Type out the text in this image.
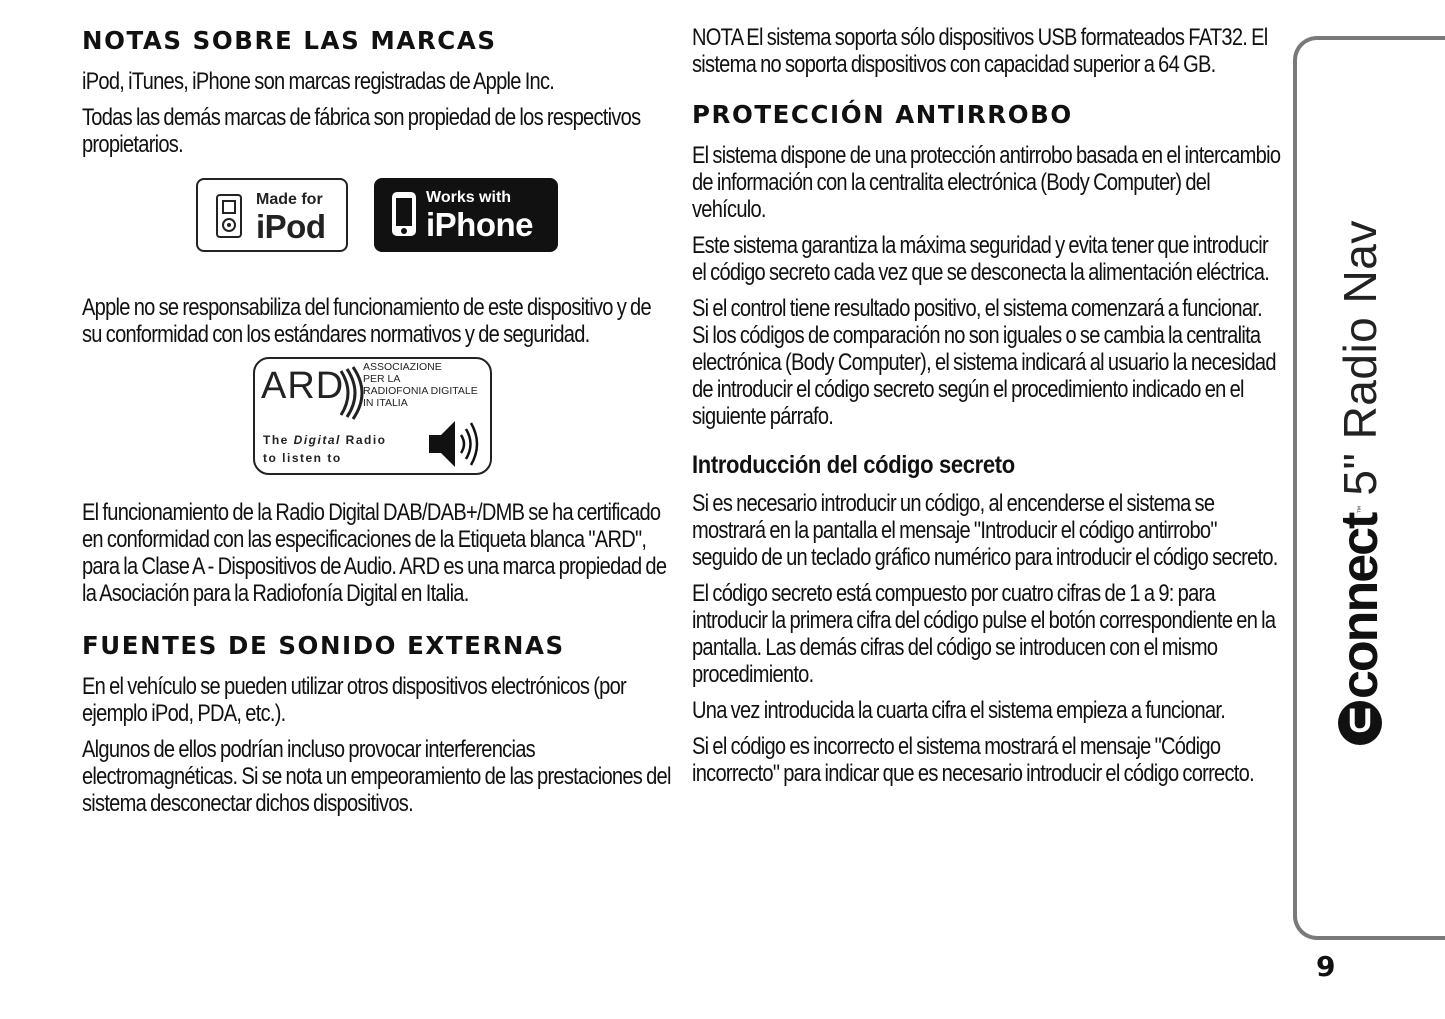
NOTAS SOBRE LAS MARCAS

iPod, iTunes, iPhone son marcas registradas de Apple Inc.

Todas las demás marcas de fábrica son propiedad de los respectivos propietarios.

Made for
iPod
Works with
iPhone

Apple no se responsabiliza del funcionamiento de este dispositivo y de su conformidad con los estándares normativos y de seguridad.

ARD ASSOCIAZIONE
PER LA
RADIOFONIA DIGITALE
IN ITALIA
The Digital Radio
to listen to

El funcionamiento de la Radio Digital DAB/DAB+/DMB se ha certificado en conformidad con las especificaciones de la Etiqueta blanca "ARD", para la Clase A - Dispositivos de Audio. ARD es una marca propiedad de la Asociación para la Radiofonía Digital en Italia.

FUENTES DE SONIDO EXTERNAS

En el vehículo se pueden utilizar otros dispositivos electrónicos (por ejemplo iPod, PDA, etc.).

Algunos de ellos podrían incluso provocar interferencias electromagnéticas. Si se nota un empeoramiento de las prestaciones del sistema desconectar dichos dispositivos.

NOTA El sistema soporta sólo dispositivos USB formateados FAT32. El sistema no soporta dispositivos con capacidad superior a 64 GB.

PROTECCIÓN ANTIRROBO

El sistema dispone de una protección antirrobo basada en el intercambio de información con la centralita electrónica (Body Computer) del vehículo.

Este sistema garantiza la máxima seguridad y evita tener que introducir el código secreto cada vez que se desconecta la alimentación eléctrica.

Si el control tiene resultado positivo, el sistema comenzará a funcionar. Si los códigos de comparación no son iguales o se cambia la centralita electrónica (Body Computer), el sistema indicará al usuario la necesidad de introducir el código secreto según el procedimiento indicado en el siguiente párrafo.

Introducción del código secreto

Si es necesario introducir un código, al encenderse el sistema se mostrará en la pantalla el mensaje "Introducir el código antirrobo" seguido de un teclado gráfico numérico para introducir el código secreto.

El código secreto está compuesto por cuatro cifras de 1 a 9: para introducir la primera cifra del código pulse el botón correspondiente en la pantalla. Las demás cifras del código se introducen con el mismo procedimiento.

Una vez introducida la cuarta cifra el sistema empieza a funcionar.

Si el código es incorrecto el sistema mostrará el mensaje "Código incorrecto" para indicar que es necesario introducir el código correcto.

U
connect
™
5" Radio Nav
9
